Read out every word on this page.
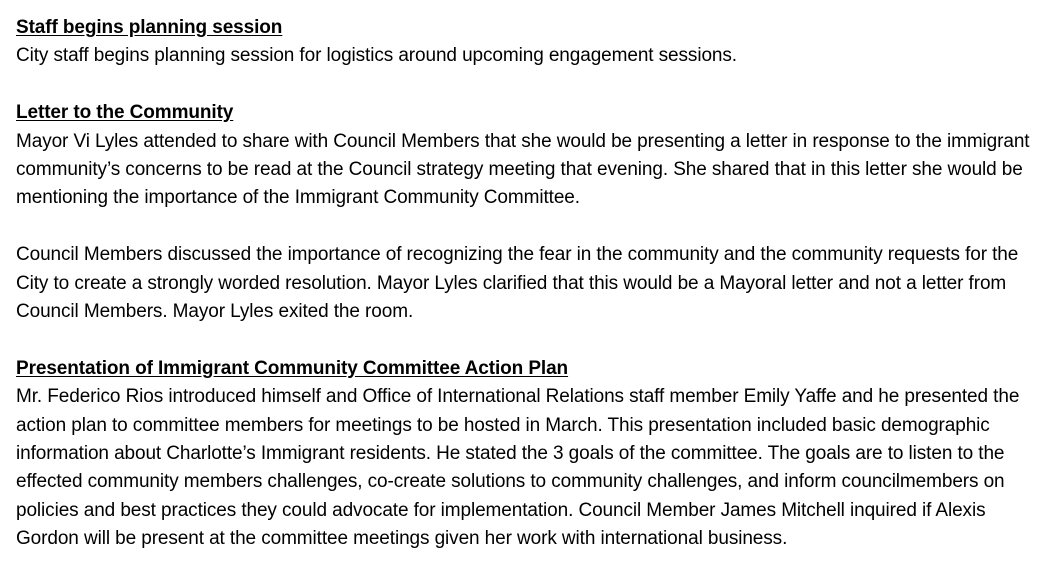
Staff begins planning session

City staff begins planning session for logistics around upcoming engagement sessions.

Letter to the Community

Mayor Vi Lyles attended to share with Council Members that she would be presenting a letter in response to the immigrant community’s concerns to be read at the Council strategy meeting that evening. She shared that in this letter she would be mentioning the importance of the Immigrant Community Committee.

Council Members discussed the importance of recognizing the fear in the community and the community requests for the City to create a strongly worded resolution. Mayor Lyles clarified that this would be a Mayoral letter and not a letter from Council Members. Mayor Lyles exited the room.

Presentation of Immigrant Community Committee Action Plan

Mr. Federico Rios introduced himself and Office of International Relations staff member Emily Yaffe and he presented the action plan to committee members for meetings to be hosted in March. This presentation included basic demographic information about Charlotte’s Immigrant residents. He stated the 3 goals of the committee. The goals are to listen to the effected community members challenges, co-create solutions to community challenges, and inform councilmembers on policies and best practices they could advocate for implementation. Council Member James Mitchell inquired if Alexis Gordon will be present at the committee meetings given her work with international business.
